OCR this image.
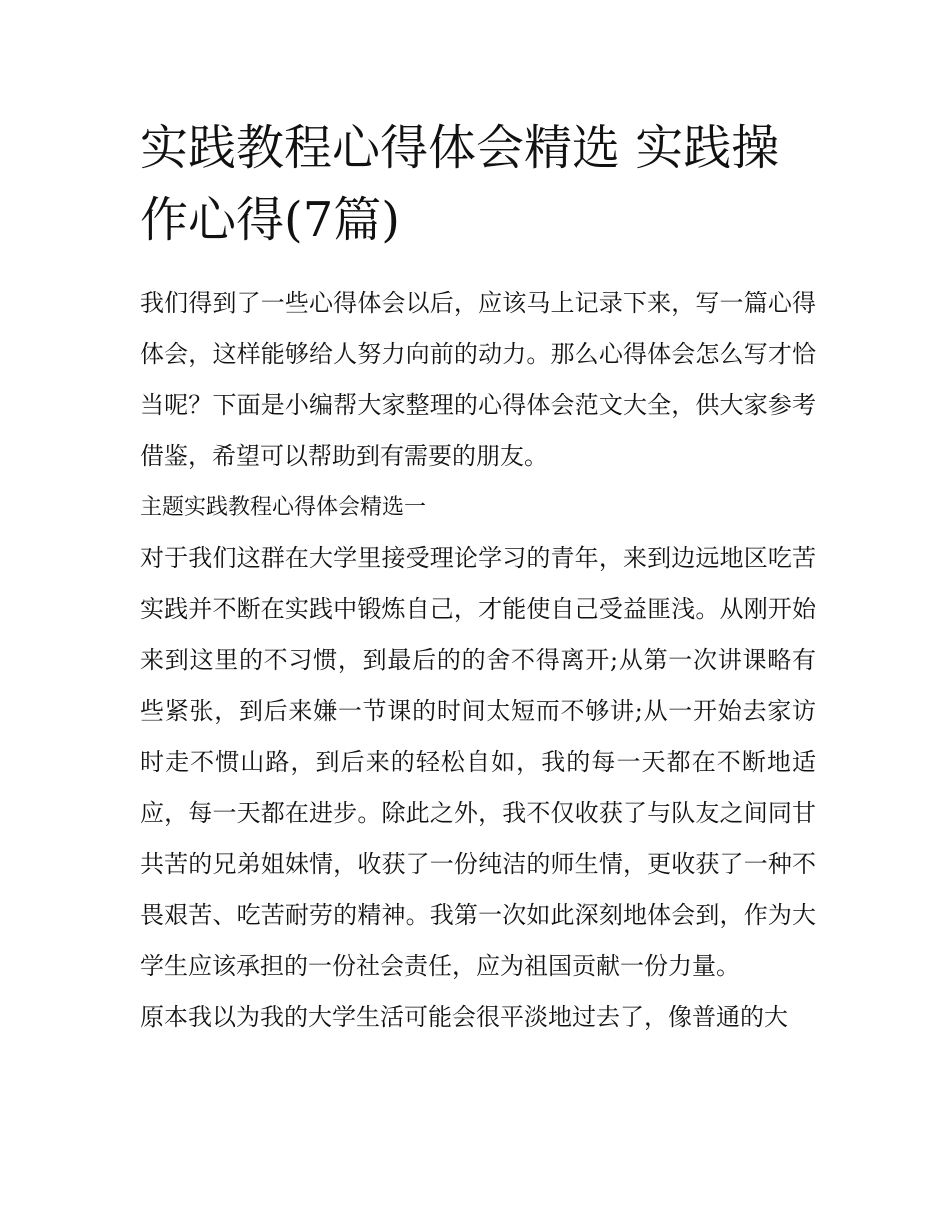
实践教程心得体会精选 实践操作心得(7篇)

我们得到了一些心得体会以后，应该马上记录下来，写一篇心得体会，这样能够给人努力向前的动力。那么心得体会怎么写才恰当呢？下面是小编帮大家整理的心得体会范文大全，供大家参考借鉴，希望可以帮助到有需要的朋友。

主题实践教程心得体会精选一

对于我们这群在大学里接受理论学习的青年，来到边远地区吃苦实践并不断在实践中锻炼自己，才能使自己受益匪浅。从刚开始来到这里的不习惯，到最后的的舍不得离开;从第一次讲课略有些紧张，到后来嫌一节课的时间太短而不够讲;从一开始去家访时走不惯山路，到后来的轻松自如，我的每一天都在不断地适应，每一天都在进步。除此之外，我不仅收获了与队友之间同甘共苦的兄弟姐妹情，收获了一份纯洁的师生情，更收获了一种不畏艰苦、吃苦耐劳的精神。我第一次如此深刻地体会到，作为大学生应该承担的一份社会责任，应为祖国贡献一份力量。

原本我以为我的大学生活可能会很平淡地过去了，像普通的大
